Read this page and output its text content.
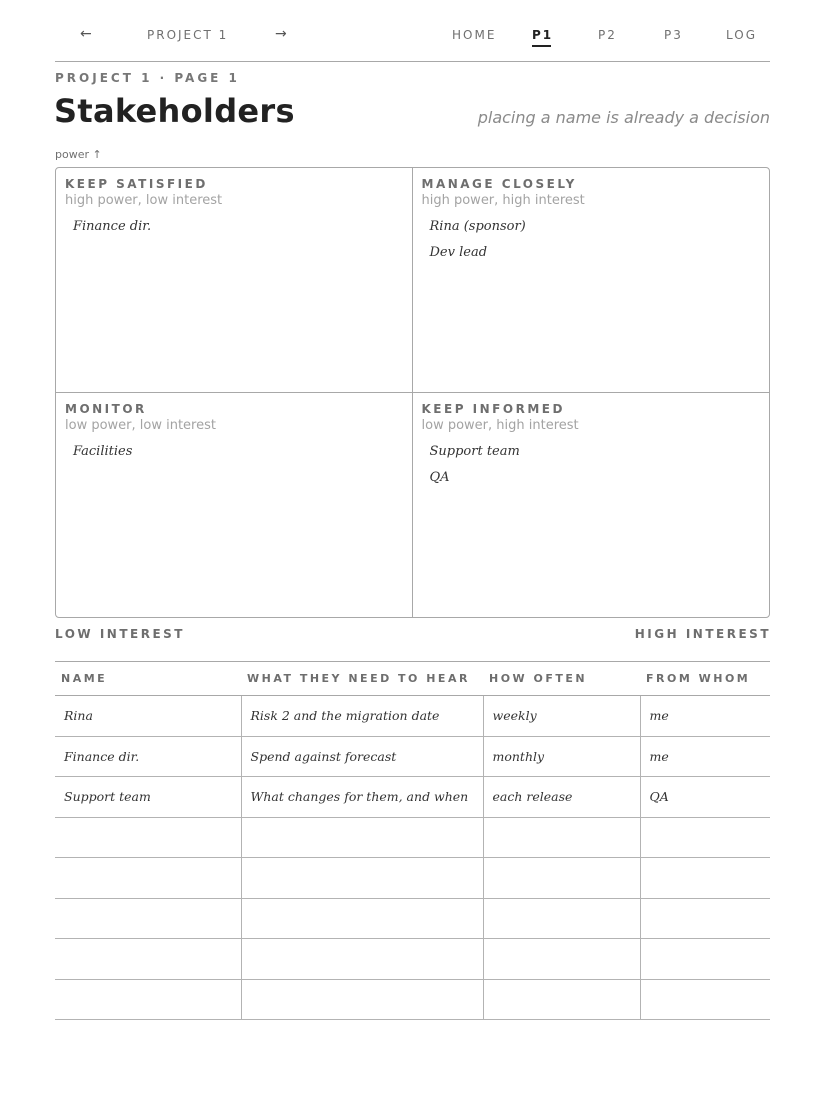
←	PROJECT 1	→	HOME	P1	P2	P3	LOG
PROJECT 1 · PAGE 1
Stakeholders	placing a name is already a decision
power ↑
KEEP SATISFIED
high power, low interest
Finance dir.
MANAGE CLOSELY
high power, high interest
Rina (sponsor)
Dev lead
MONITOR
low power, low interest
Facilities
KEEP INFORMED
low power, high interest
Support team
QA
LOW INTEREST	HIGH INTEREST
NAME	WHAT THEY NEED TO HEAR	HOW OFTEN	FROM WHOM
Rina	Risk 2 and the migration date	weekly	me
Finance dir.	Spend against forecast	monthly	me
Support team	What changes for them, and when	each release	QA
